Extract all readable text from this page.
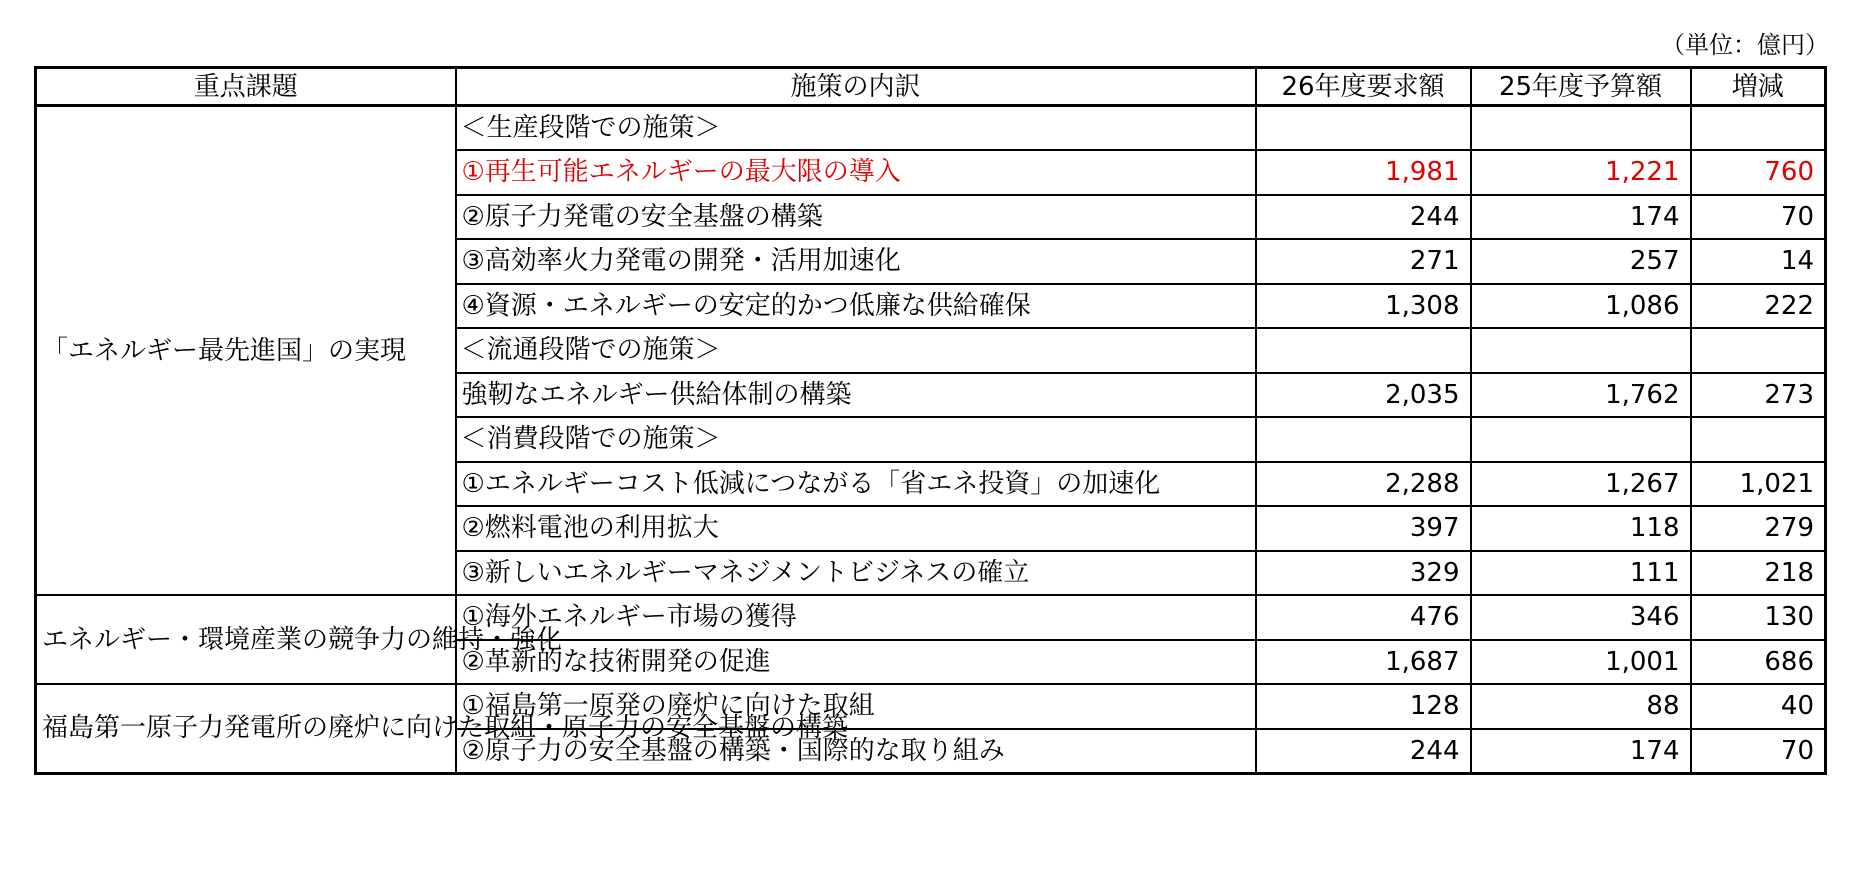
（単位：億円）
重点課題	施策の内訳	26年度要求額	25年度予算額	増減
「エネルギー最先進国」の実現	＜生産段階での施策＞			
	①再生可能エネルギーの最大限の導入	1,981	1,221	760
	②原子力発電の安全基盤の構築	244	174	70
	③高効率火力発電の開発・活用加速化	271	257	14
	④資源・エネルギーの安定的かつ低廉な供給確保	1,308	1,086	222
	＜流通段階での施策＞			
	強靭なエネルギー供給体制の構築	2,035	1,762	273
	＜消費段階での施策＞			
	①エネルギーコスト低減につながる「省エネ投資」の加速化	2,288	1,267	1,021
	②燃料電池の利用拡大	397	118	279
	③新しいエネルギーマネジメントビジネスの確立	329	111	218
エネルギー・環境産業の競争力の維持・強化	①海外エネルギー市場の獲得	476	346	130
	②革新的な技術開発の促進	1,687	1,001	686
福島第一原子力発電所の廃炉に向けた取組・原子力の安全基盤の構築	①福島第一原発の廃炉に向けた取組	128	88	40
	②原子力の安全基盤の構築・国際的な取り組み	244	174	70
